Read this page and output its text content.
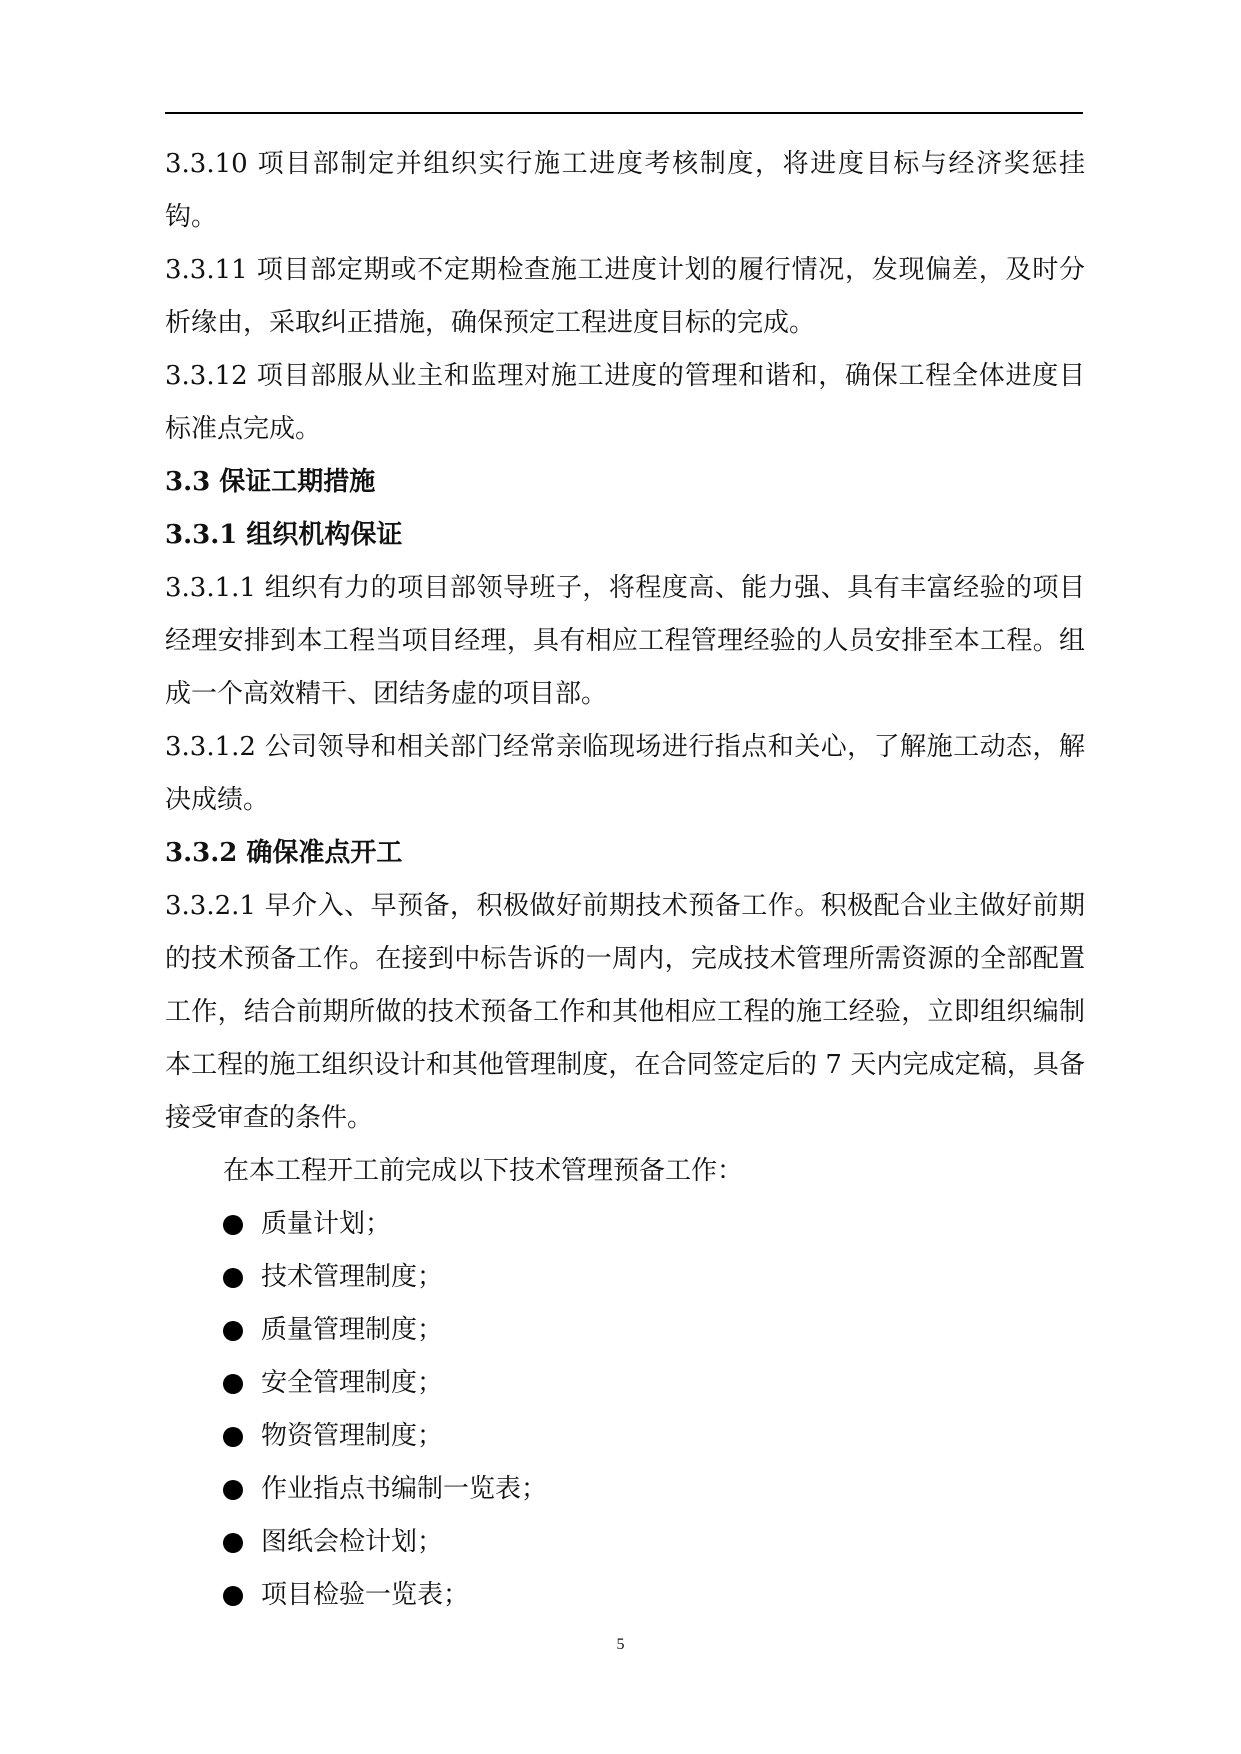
3.3.10 项目部制定并组织实行施工进度考核制度，将进度目标与经济奖惩挂钩。

3.3.11 项目部定期或不定期检查施工进度计划的履行情况，发现偏差，及时分析缘由，采取纠正措施，确保预定工程进度目标的完成。

3.3.12 项目部服从业主和监理对施工进度的管理和谐和，确保工程全体进度目标准点完成。

3.3 保证工期措施

3.3.1 组织机构保证

3.3.1.1 组织有力的项目部领导班子，将程度高、能力强、具有丰富经验的项目经理安排到本工程当项目经理，具有相应工程管理经验的人员安排至本工程。组成一个高效精干、团结务虚的项目部。

3.3.1.2 公司领导和相关部门经常亲临现场进行指点和关心，了解施工动态，解决成绩。

3.3.2 确保准点开工

3.3.2.1 早介入、早预备，积极做好前期技术预备工作。积极配合业主做好前期的技术预备工作。在接到中标告诉的一周内，完成技术管理所需资源的全部配置工作，结合前期所做的技术预备工作和其他相应工程的施工经验，立即组织编制本工程的施工组织设计和其他管理制度，在合同签定后的 7 天内完成定稿，具备接受审查的条件。

在本工程开工前完成以下技术管理预备工作：

质量计划；
技术管理制度；
质量管理制度；
安全管理制度；
物资管理制度；
作业指点书编制一览表；
图纸会检计划；
项目检验一览表；
5
